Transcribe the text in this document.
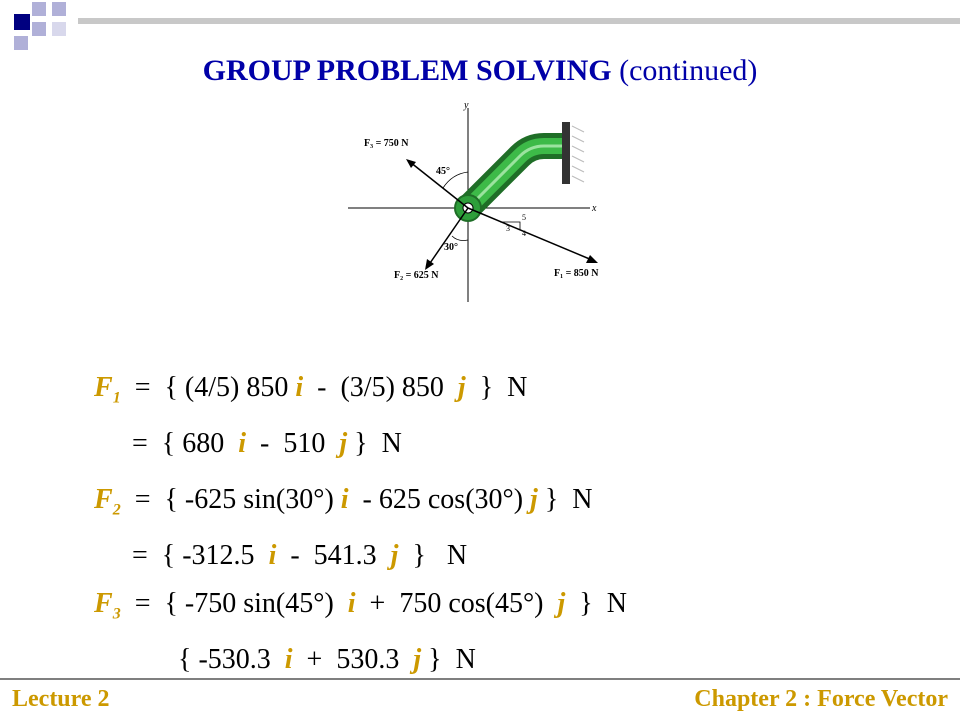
GROUP PROBLEM SOLVING (continued)
x
y
F₃ = 750 N
45°
F₂ = 625 N
30°
F₁ = 850 N
5
3
4

$F_1$  =  { (4/5) 850 i  -  (3/5) 850  j  }  N

=  { 680  i  -  510  j }  N

$F_2$  =  { -625 sin(30°) i  - 625 cos(30°) j }  N

=  { -312.5  i  -  541.3  j  }   N

$F_3$  =  { -750 sin(45°)  i  +  750 cos(45°)  j  }  N

{ -530.3  i  +  530.3  j }  N

Lecture 2	Chapter 2 : Force Vector
